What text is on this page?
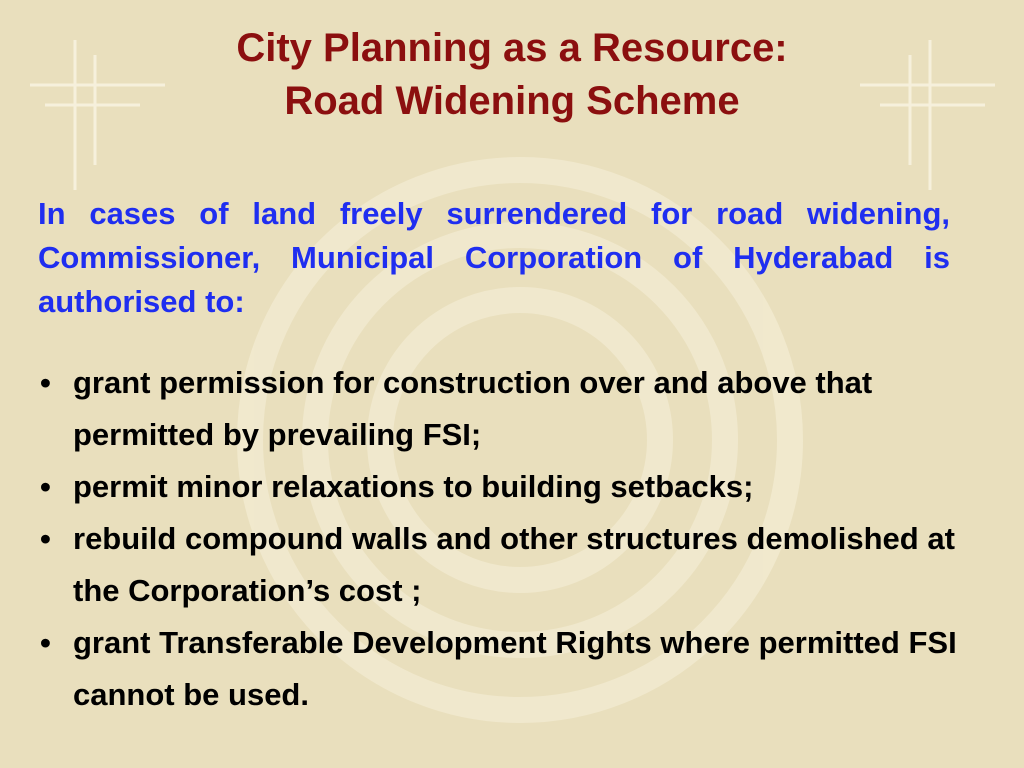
City Planning as a Resource:
Road Widening Scheme
In cases of land freely surrendered for road widening, Commissioner, Municipal Corporation of Hyderabad is authorised to:
• grant permission for construction over and above that permitted by prevailing FSI;
• permit minor relaxations to building setbacks;
• rebuild compound walls and other structures demolished at the Corporation’s cost ;
• grant Transferable Development Rights where permitted FSI cannot be used.
